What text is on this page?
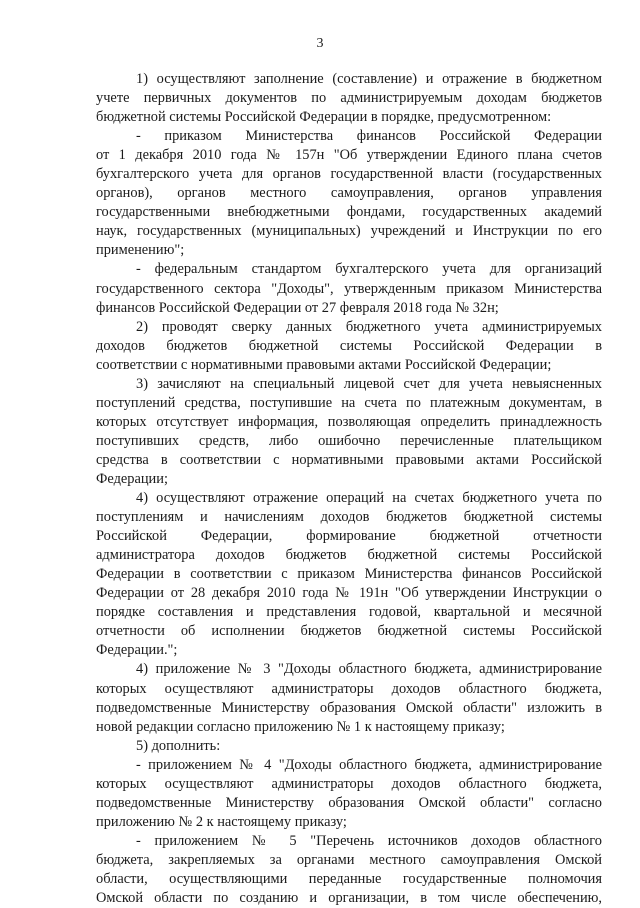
3
1) осуществляют заполнение (составление) и отражение в бюджетном
учете первичных документов по администрируемым доходам бюджетов
бюджетной системы Российской Федерации в порядке, предусмотренном:
- приказом Министерства финансов Российской Федерации
от 1 декабря 2010 года № 157н "Об утверждении Единого плана счетов
бухгалтерского учета для органов государственной власти (государственных
органов), органов местного самоуправления, органов управления
государственными внебюджетными фондами, государственных академий
наук, государственных (муниципальных) учреждений и Инструкции по его
применению";
- федеральным стандартом бухгалтерского учета для организаций
государственного сектора "Доходы", утвержденным приказом Министерства
финансов Российской Федерации от 27 февраля 2018 года № 32н;
2) проводят сверку данных бюджетного учета администрируемых
доходов бюджетов бюджетной системы Российской Федерации в
соответствии с нормативными правовыми актами Российской Федерации;
3) зачисляют на специальный лицевой счет для учета невыясненных
поступлений средства, поступившие на счета по платежным документам, в
которых отсутствует информация, позволяющая определить принадлежность
поступивших средств, либо ошибочно перечисленные плательщиком
средства в соответствии с нормативными правовыми актами Российской
Федерации;
4) осуществляют отражение операций на счетах бюджетного учета по
поступлениям и начислениям доходов бюджетов бюджетной системы
Российской Федерации, формирование бюджетной отчетности
администратора доходов бюджетов бюджетной системы Российской
Федерации в соответствии с приказом Министерства финансов Российской
Федерации от 28 декабря 2010 года № 191н "Об утверждении Инструкции о
порядке составления и представления годовой, квартальной и месячной
отчетности об исполнении бюджетов бюджетной системы Российской
Федерации.";
4) приложение № 3 "Доходы областного бюджета, администрирование
которых осуществляют администраторы доходов областного бюджета,
подведомственные Министерству образования Омской области" изложить в
новой редакции согласно приложению № 1 к настоящему приказу;
5) дополнить:
- приложением № 4 "Доходы областного бюджета, администрирование
которых осуществляют администраторы доходов областного бюджета,
подведомственные Министерству образования Омской области" согласно
приложению № 2 к настоящему приказу;
- приложением № 5 "Перечень источников доходов областного
бюджета, закрепляемых за органами местного самоуправления Омской
области, осуществляющими переданные государственные полномочия
Омской области по созданию и организации, в том числе обеспечению,
